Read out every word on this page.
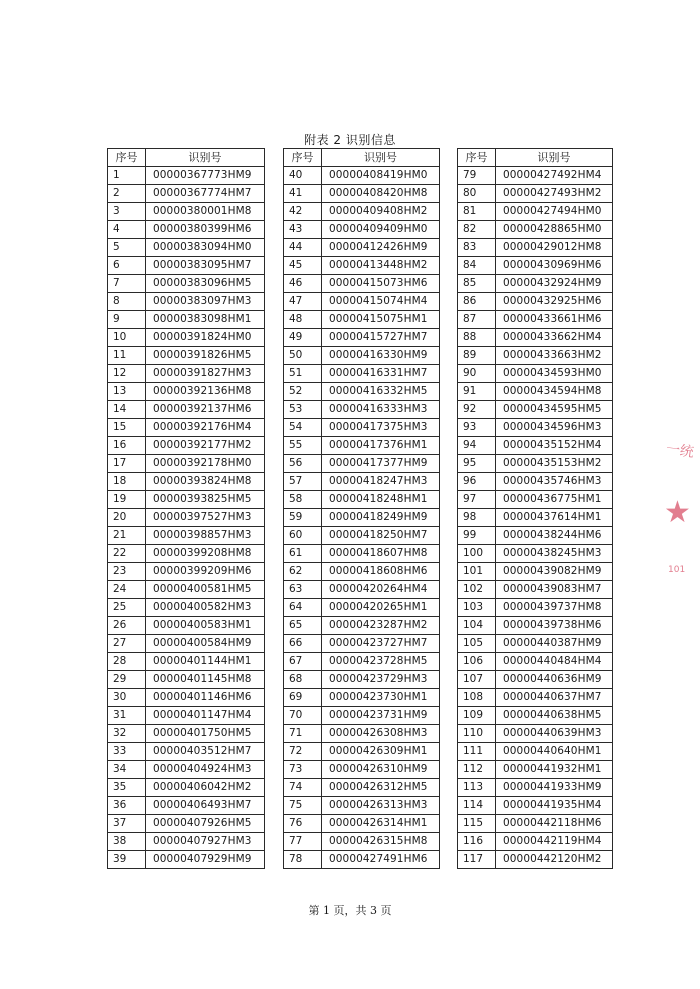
附表 2 识别信息
序号	识别号
1	00000367773HM9
2	00000367774HM7
3	00000380001HM8
4	00000380399HM6
5	00000383094HM0
6	00000383095HM7
7	00000383096HM5
8	00000383097HM3
9	00000383098HM1
10	00000391824HM0
11	00000391826HM5
12	00000391827HM3
13	00000392136HM8
14	00000392137HM6
15	00000392176HM4
16	00000392177HM2
17	00000392178HM0
18	00000393824HM8
19	00000393825HM5
20	00000397527HM3
21	00000398857HM3
22	00000399208HM8
23	00000399209HM6
24	00000400581HM5
25	00000400582HM3
26	00000400583HM1
27	00000400584HM9
28	00000401144HM1
29	00000401145HM8
30	00000401146HM6
31	00000401147HM4
32	00000401750HM5
33	00000403512HM7
34	00000404924HM3
35	00000406042HM2
36	00000406493HM7
37	00000407926HM5
38	00000407927HM3
39	00000407929HM9
序号	识别号
40	00000408419HM0
41	00000408420HM8
42	00000409408HM2
43	00000409409HM0
44	00000412426HM9
45	00000413448HM2
46	00000415073HM6
47	00000415074HM4
48	00000415075HM1
49	00000415727HM7
50	00000416330HM9
51	00000416331HM7
52	00000416332HM5
53	00000416333HM3
54	00000417375HM3
55	00000417376HM1
56	00000417377HM9
57	00000418247HM3
58	00000418248HM1
59	00000418249HM9
60	00000418250HM7
61	00000418607HM8
62	00000418608HM6
63	00000420264HM4
64	00000420265HM1
65	00000423287HM2
66	00000423727HM7
67	00000423728HM5
68	00000423729HM3
69	00000423730HM1
70	00000423731HM9
71	00000426308HM3
72	00000426309HM1
73	00000426310HM9
74	00000426312HM5
75	00000426313HM3
76	00000426314HM1
77	00000426315HM8
78	00000427491HM6
序号	识别号
79	00000427492HM4
80	00000427493HM2
81	00000427494HM0
82	00000428865HM0
83	00000429012HM8
84	00000430969HM6
85	00000432924HM9
86	00000432925HM6
87	00000433661HM6
88	00000433662HM4
89	00000433663HM2
90	00000434593HM0
91	00000434594HM8
92	00000434595HM5
93	00000434596HM3
94	00000435152HM4
95	00000435153HM2
96	00000435746HM3
97	00000436775HM1
98	00000437614HM1
99	00000438244HM6
100	00000438245HM3
101	00000439082HM9
102	00000439083HM7
103	00000439737HM8
104	00000439738HM6
105	00000440387HM9
106	00000440484HM4
107	00000440636HM9
108	00000440637HM7
109	00000440638HM5
110	00000440639HM3
111	00000440640HM1
112	00000441932HM1
113	00000441933HM9
114	00000441935HM4
115	00000442118HM6
116	00000442119HM4
117	00000442120HM2
一统
★
101
第 1 页，共 3 页
